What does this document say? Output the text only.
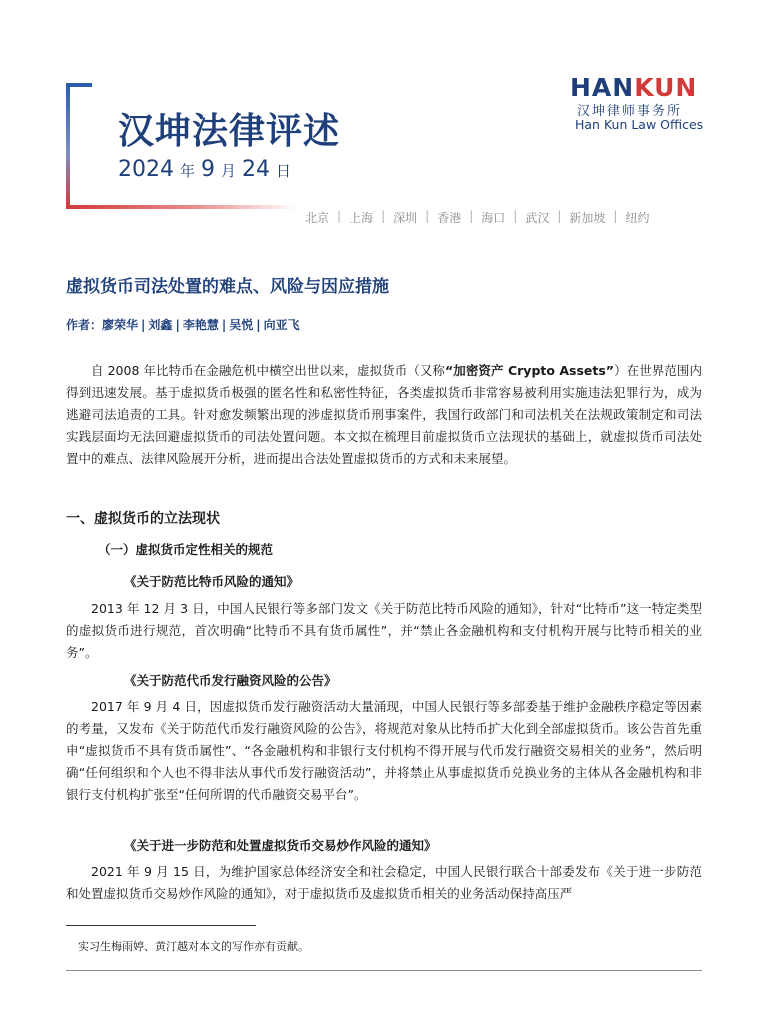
汉坤法律评述
2024 年 9 月 24 日
HANKUN
汉坤律师事务所
Han Kun Law Offices
北京 | 上海 | 深圳 | 香港 | 海口 | 武汉 | 新加坡 | 纽约
虚拟货币司法处置的难点、风险与因应措施
作者：廖荣华 | 刘鑫 | 李艳慧 | 吴悦 | 向亚飞
自 2008 年比特币在金融危机中横空出世以来，虚拟货币（又称“加密资产 Crypto Assets”）在世界范围内得到迅速发展。基于虚拟货币极强的匿名性和私密性特征，各类虚拟货币非常容易被利用实施违法犯罪行为，成为逃避司法追责的工具。针对愈发频繁出现的涉虚拟货币刑事案件，我国行政部门和司法机关在法规政策制定和司法实践层面均无法回避虚拟货币的司法处置问题。本文拟在梳理目前虚拟货币立法现状的基础上，就虚拟货币司法处置中的难点、法律风险展开分析，进而提出合法处置虚拟货币的方式和未来展望。
一、虚拟货币的立法现状
（一）虚拟货币定性相关的规范
《关于防范比特币风险的通知》
2013 年 12 月 3 日，中国人民银行等多部门发文《关于防范比特币风险的通知》，针对“比特币”这一特定类型的虚拟货币进行规范，首次明确“比特币不具有货币属性”，并“禁止各金融机构和支付机构开展与比特币相关的业务”。
《关于防范代币发行融资风险的公告》
2017 年 9 月 4 日，因虚拟货币发行融资活动大量涌现，中国人民银行等多部委基于维护金融秩序稳定等因素的考量，又发布《关于防范代币发行融资风险的公告》，将规范对象从比特币扩大化到全部虚拟货币。该公告首先重申“虚拟货币不具有货币属性”、“各金融机构和非银行支付机构不得开展与代币发行融资交易相关的业务”，然后明确“任何组织和个人也不得非法从事代币发行融资活动”，并将禁止从事虚拟货币兑换业务的主体从各金融机构和非银行支付机构扩张至“任何所谓的代币融资交易平台”。
《关于进一步防范和处置虚拟货币交易炒作风险的通知》
2021 年 9 月 15 日，为维护国家总体经济安全和社会稳定，中国人民银行联合十部委发布《关于进一步防范和处置虚拟货币交易炒作风险的通知》，对于虚拟货币及虚拟货币相关的业务活动保持高压严
实习生梅雨婷、黄汀越对本文的写作亦有贡献。
